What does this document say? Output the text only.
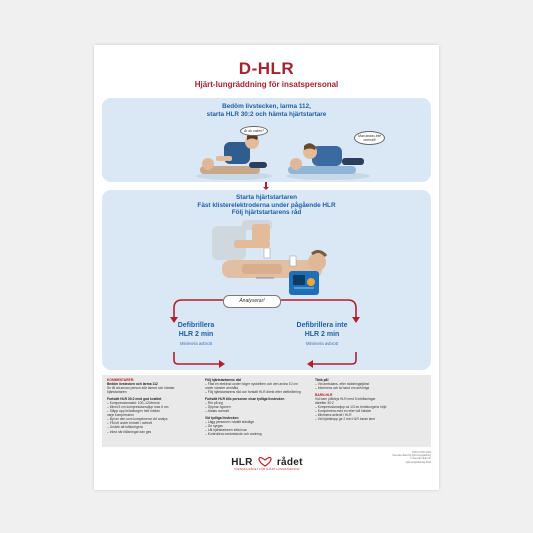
D-HLR
Hjärt-lungräddning för insatspersonal
Bedöm livstecken, larma 112,
starta HLR 30:2 och hämta hjärtstartare
Är du vaken?
Man andas inte
normalt!
Starta hjärtstartaren
Fäst klisterelektroderna under pågående HLR
Följ hjärtstartarens råd
Analyserar!
Defibrillera
HLR 2 min
Minimera avbrott
Defibrillera inte
HLR 2 min
Minimera avbrott
KOMMENTARER:
Bedöm livstecken och larma 112
Se till att annan person slår larmet och hämtar
hjärtstartaren
Fortsätt HLR 30:2 med god kvalitet
– Kompressionstakt: 100–120/minut
– Minst 5 cm kompressionsdjup max 6 cm.
– Släpp upp bröstkorgen helt mellan
varje kompression
– Byt av den som komprimerar vid analys
– Få luft under bröstet / avbrott
– Undvik att luftkorrigera
– Inled när blåsningar kan ges
Följ hjärtstartarens råd
– Fäst en elektrod under höger nyckelben och den andra 10 cm
under vänster armhåla
– Följ hjärtstartarens råd och fortsätt HLR direkt efter defibrillering
Fortsätt HLR tills personen visar tydliga livstecken
– Rör på sig
– Öppnar ögonen
– Andas normalt
Vid tydliga livstecken
– Lägg personen i stabilt sidoläge
– Ge syrgas
– Låt hjärtstartaren sitta kvar
– Kontrollera medvetande och andning
Tänk på!
– Vid ambulans- eller räddningstjänst
– Informera och ta hand om anhöriga
BARN-HLR
Vid barn påbörja HLR med 5 inblåsningar
därefter 30:2
– Kompressionsdjup ca 1/3 av bröstkorgens höjd
– Komprimera med en eller två händer
– Minimera avbrott i HLR
– Vid hjärtstopp ge 2 min HLR innan larm
HLR rådet
SVENSKA RÅDET FÖR HJÄRT-LUNGRÄDDNING
HLR-D-HLR-2021
Svenska rådet för hjärt-lungräddning
© Svenska rådet för
hjärt-lungräddning 2021
